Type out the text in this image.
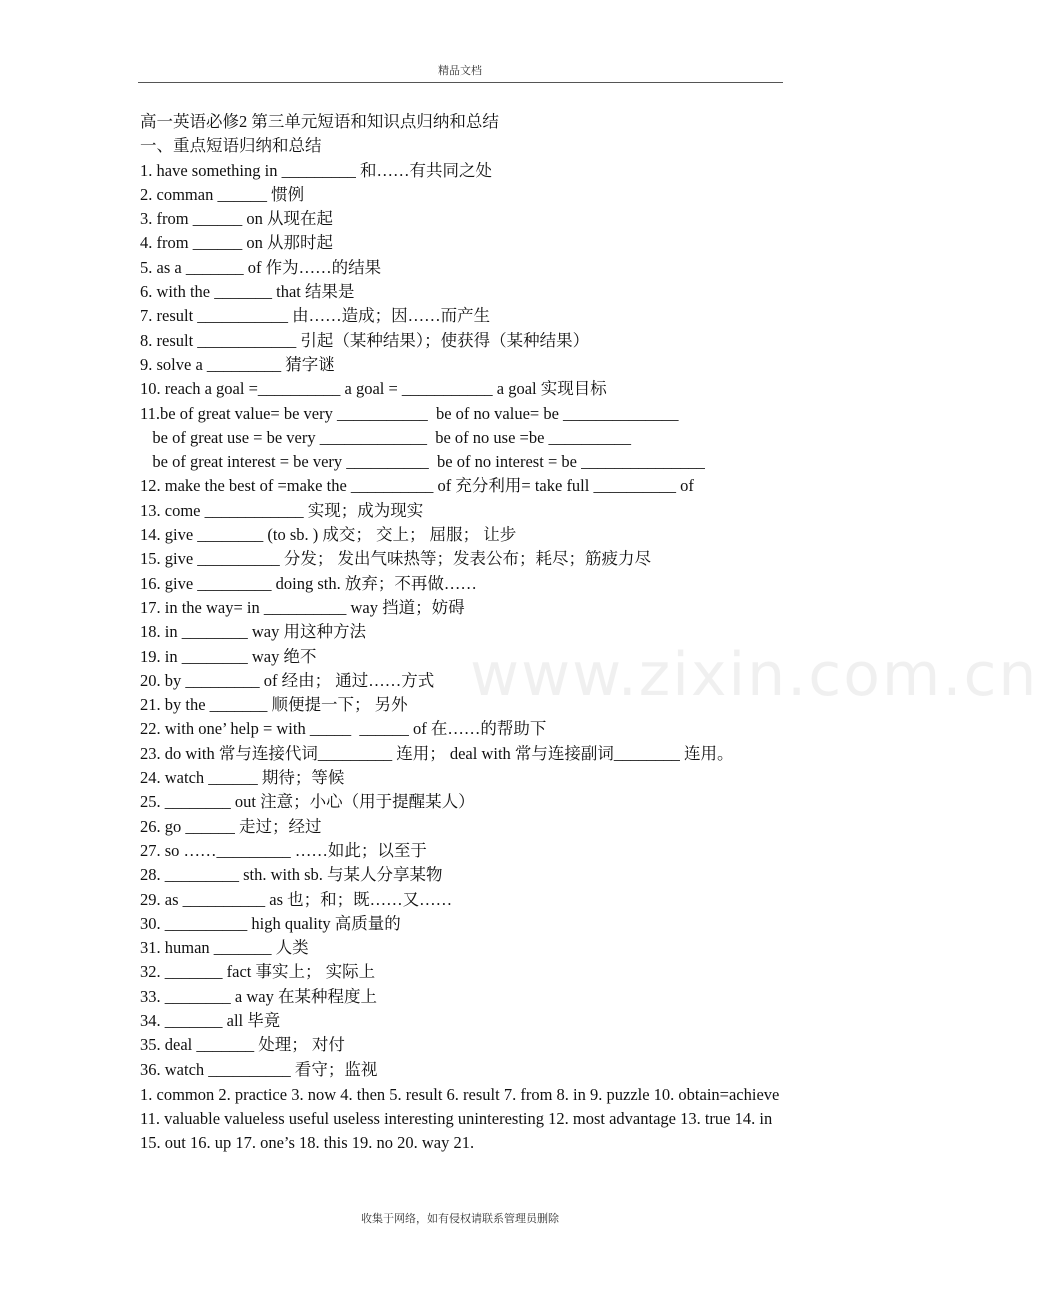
精品文档
www.zixin.com.cn
高一英语必修2 第三单元短语和知识点归纳和总结
一、重点短语归纳和总结
1. have something in _________ 和……有共同之处
2. comman ______ 惯例
3. from ______ on 从现在起
4. from ______ on 从那时起
5. as a _______ of 作为……的结果
6. with the _______ that 结果是
7. result ___________ 由……造成；因……而产生
8. result ____________ 引起（某种结果）；使获得（某种结果）
9. solve a _________ 猜字谜
10. reach a goal =__________ a goal = ___________ a goal 实现目标
11.be of great value= be very ___________  be of no value= be ______________
be of great use = be very _____________  be of no use =be __________
be of great interest = be very __________  be of no interest = be _______________
12. make the best of =make the __________ of 充分利用= take full __________ of
13. come ____________ 实现；成为现实
14. give ________ (to sb. ) 成交； 交上； 屈服； 让步
15. give __________ 分发； 发出气味热等；发表公布；耗尽；筋疲力尽
16. give _________ doing sth. 放弃；不再做……
17. in the way= in __________ way 挡道；妨碍
18. in ________ way 用这种方法
19. in ________ way 绝不
20. by _________ of 经由； 通过……方式
21. by the _______ 顺便提一下； 另外
22. with one’ help = with _____  ______ of 在……的帮助下
23. do with 常与连接代词_________ 连用； deal with 常与连接副词________ 连用。
24. watch ______ 期待；等候
25. ________ out 注意；小心（用于提醒某人）
26. go ______ 走过；经过
27. so ……_________ ……如此；以至于
28. _________ sth. with sb. 与某人分享某物
29. as __________ as 也；和；既……又……
30. __________ high quality 高质量的
31. human _______ 人类
32. _______ fact 事实上； 实际上
33. ________ a way 在某种程度上
34. _______ all 毕竟
35. deal _______ 处理； 对付
36. watch __________ 看守；监视
1. common 2. practice 3. now 4. then 5. result 6. result 7. from 8. in 9. puzzle 10. obtain=achieve 11. valuable valueless useful useless interesting uninteresting 12. most advantage 13. true 14. in 15. out 16. up 17. one’s 18. this 19. no 20. way 21.
收集于网络，如有侵权请联系管理员删除
